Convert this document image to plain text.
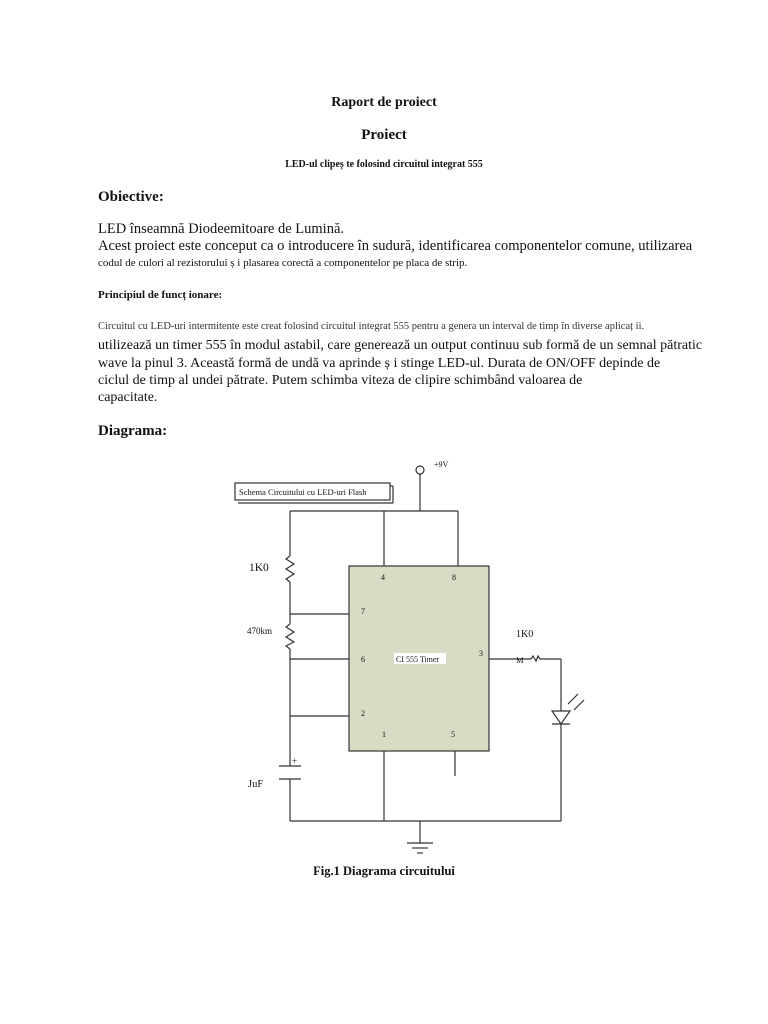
Raport de proiect
Proiect
LED-ul clipeș te folosind circuitul integrat 555
Obiective:
LED înseamnă Diodeemitoare de Lumină.
Acest proiect este conceput ca o introducere în sudură, identificarea componentelor comune, utilizarea
codul de culori al rezistorului ș i plasarea corectă a componentelor pe placa de strip.
Principiul de funcț ionare:
Circuitul cu LED-uri intermitente este creat folosind circuitul integrat 555 pentru a genera un interval de timp în diverse aplicaț ii.
utilizează un timer 555 în modul astabil, care generează un output continuu sub formă de un semnal pătratic
wave la pinul 3. Această formă de undă va aprinde ș i stinge LED-ul. Durata de ON/OFF depinde de
ciclul de timp al undei pătrate. Putem schimba viteza de clipire schimbând valoarea de
capacitate.
Diagrama:
Schema Circuitului cu LED-uri Flash
+9V
1K0
470km	1K0
M
JuF
+
CI 555 Timer
4	8
7
6
3
2
1	5
Fig.1 Diagrama circuitului
